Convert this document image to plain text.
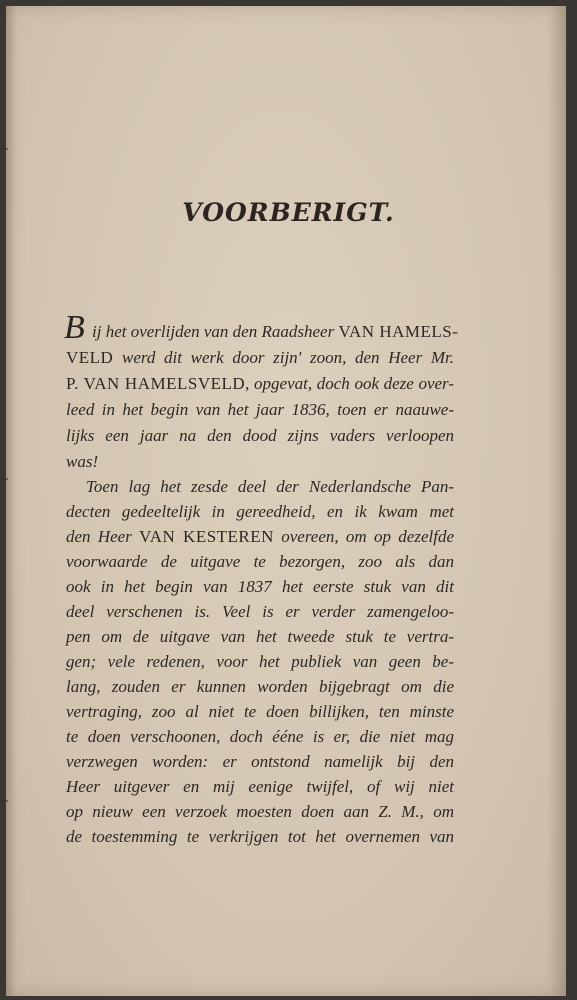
VOORBERIGT.
B ij het overlijden van den Raadsheer VAN HAMELS-
VELD werd dit werk door zijn' zoon, den Heer Mr.
P. VAN HAMELSVELD, opgevat, doch ook deze over-
leed in het begin van het jaar 1836, toen er naauwe-
lijks een jaar na den dood zijns vaders verloopen
was!
Toen lag het zesde deel der Nederlandsche Pan-
decten gedeeltelijk in gereedheid, en ik kwam met
den Heer VAN KESTEREN overeen, om op dezelfde
voorwaarde de uitgave te bezorgen, zoo als dan
ook in het begin van 1837 het eerste stuk van dit
deel verschenen is. Veel is er verder zamengeloo-
pen om de uitgave van het tweede stuk te vertra-
gen; vele redenen, voor het publiek van geen be-
lang, zouden er kunnen worden bijgebragt om die
vertraging, zoo al niet te doen billijken, ten minste
te doen verschoonen, doch ééne is er, die niet mag
verzwegen worden: er ontstond namelijk bij den
Heer uitgever en mij eenige twijfel, of wij niet
op nieuw een verzoek moesten doen aan Z. M., om
de toestemming te verkrijgen tot het overnemen van
